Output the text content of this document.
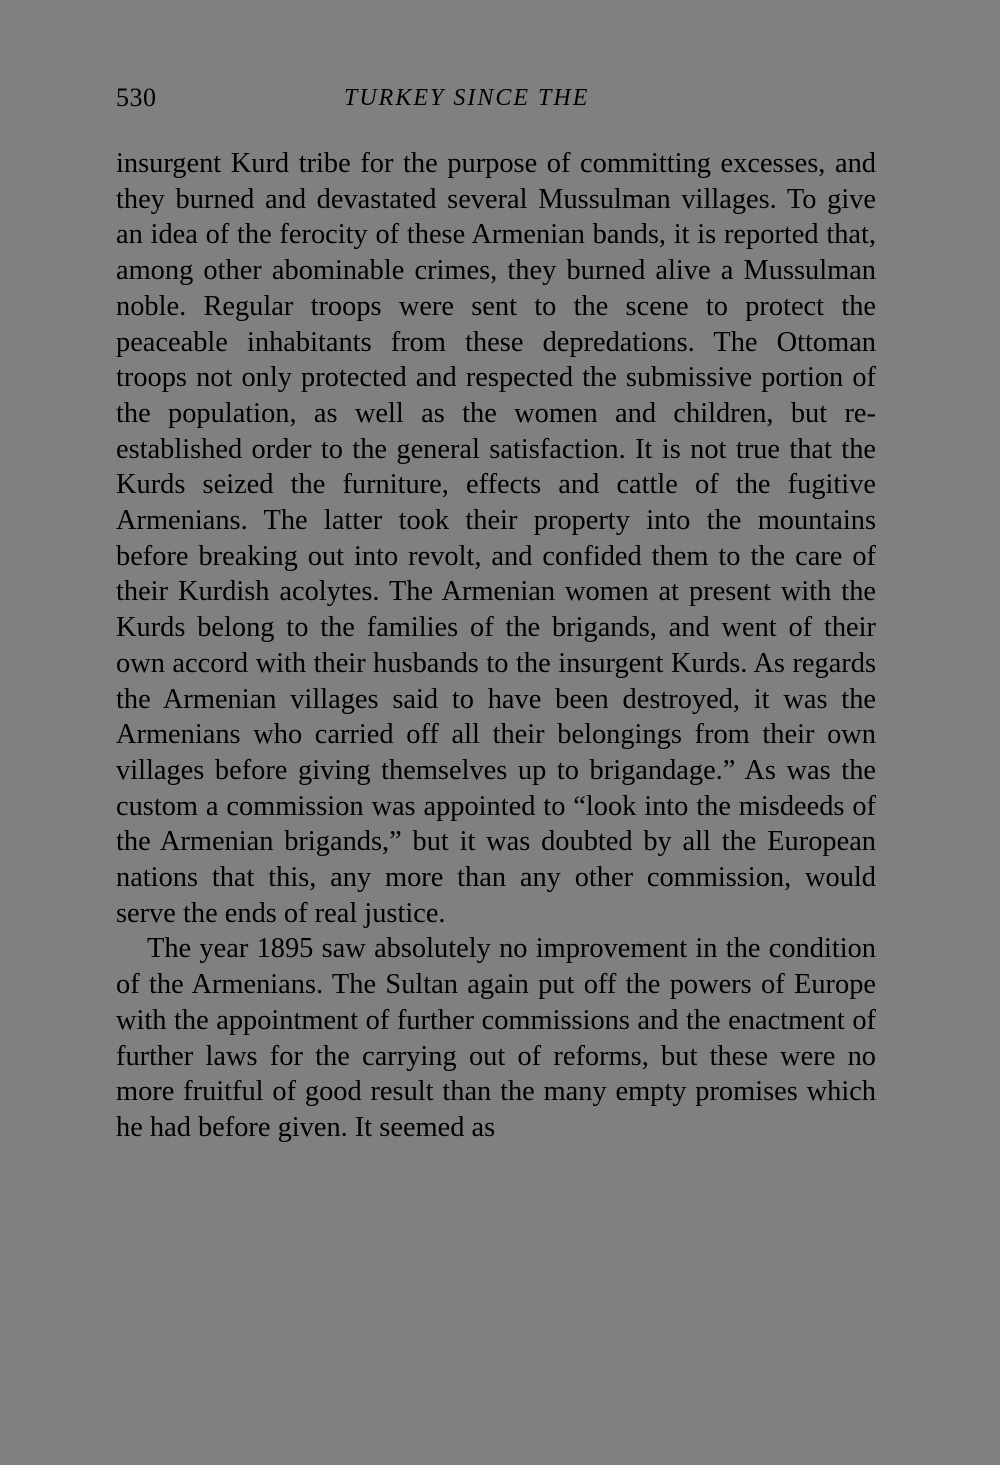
530	TURKEY SINCE THE

insurgent Kurd tribe for the purpose of committing excesses, and they burned and devastated several Mussulman villages. To give an idea of the ferocity of these Armenian bands, it is reported that, among other abominable crimes, they burned alive a Mussulman noble. Regular troops were sent to the scene to protect the peaceable inhabitants from these depredations. The Ottoman troops not only protected and respected the submissive portion of the population, as well as the women and children, but re-established order to the general satisfaction. It is not true that the Kurds seized the furniture, effects and cattle of the fugitive Armenians. The latter took their property into the mountains before breaking out into revolt, and confided them to the care of their Kurdish acolytes. The Armenian women at present with the Kurds belong to the families of the brigands, and went of their own accord with their husbands to the insurgent Kurds. As regards the Armenian villages said to have been destroyed, it was the Armenians who carried off all their belongings from their own villages before giving themselves up to brigandage.” As was the custom a commission was appointed to “look into the misdeeds of the Armenian brigands,” but it was doubted by all the European nations that this, any more than any other commission, would serve the ends of real justice.

The year 1895 saw absolutely no improvement in the condition of the Armenians. The Sultan again put off the powers of Europe with the appointment of further commissions and the enactment of further laws for the carrying out of reforms, but these were no more fruitful of good result than the many empty promises which he had before given. It seemed as
